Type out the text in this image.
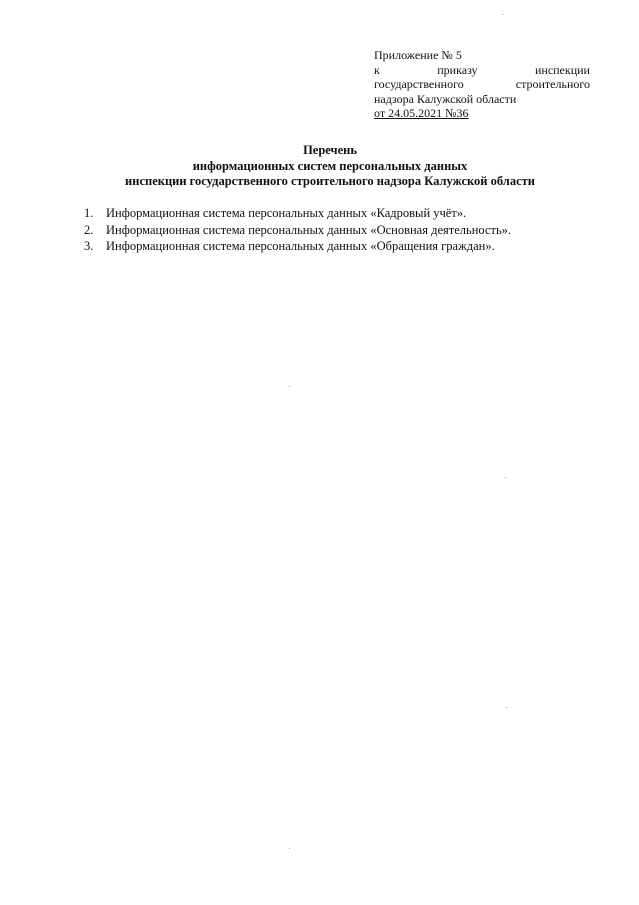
Приложение № 5
к	приказу	инспекции
государственного	строительного
надзора Калужской области
от 24.05.2021 №36
Перечень
информационных систем персональных данных
инспекции государственного строительного надзора Калужской области
1.	Информационная система персональных данных «Кадровый учёт».
2.	Информационная система персональных данных «Основная деятельность».
3.	Информационная система персональных данных «Обращения граждан».
